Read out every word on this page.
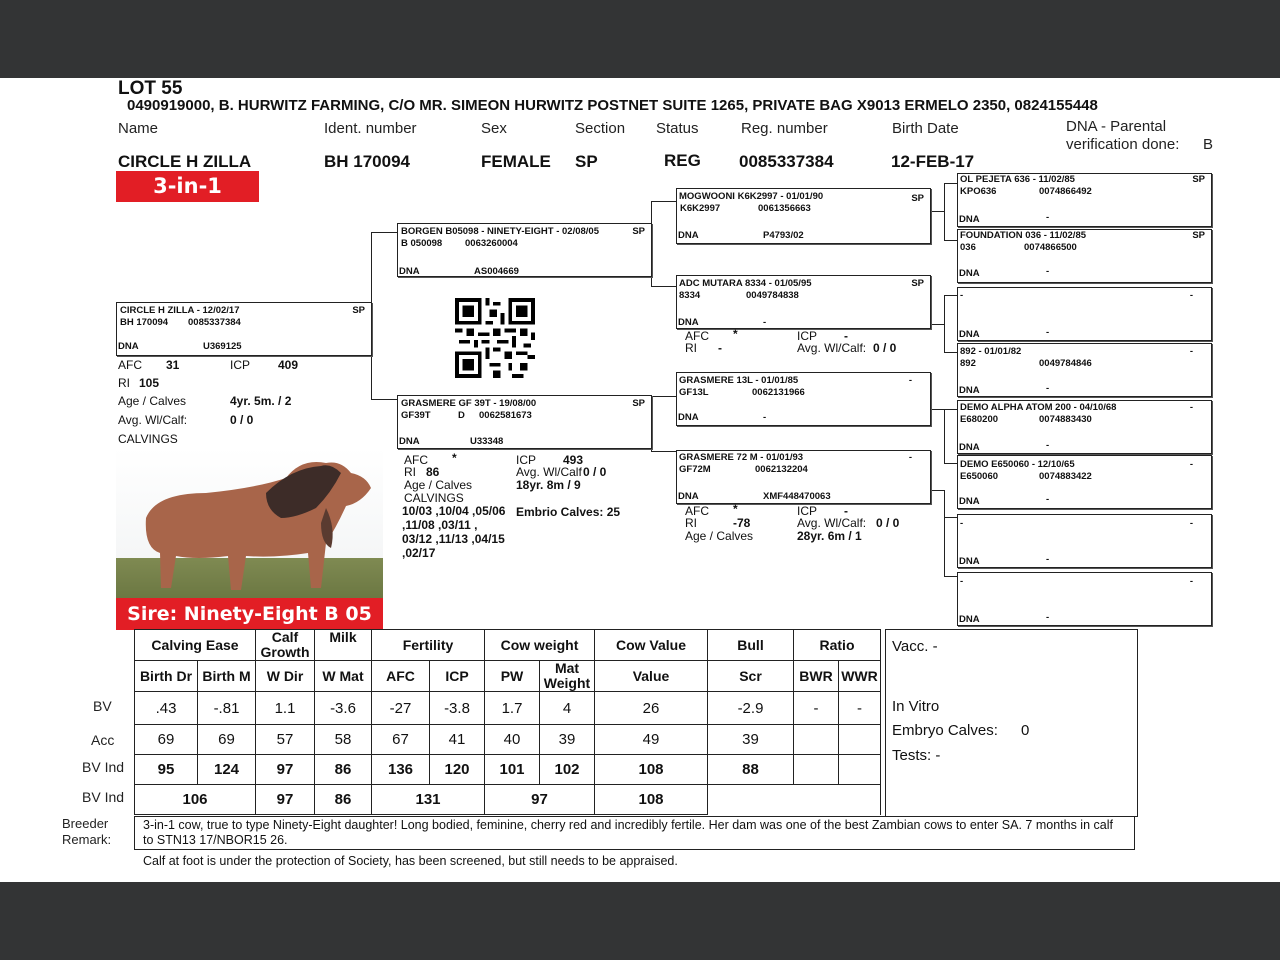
LOT 55
0490919000, B. HURWITZ FARMING, C/O MR. SIMEON HURWITZ POSTNET SUITE 1265, PRIVATE BAG X9013 ERMELO 2350, 0824155448
Name	Ident. number	Sex	Section Status	Reg. number	Birth Date	DNA - Parental
verification done: B
CIRCLE H ZILLA	BH 170094	FEMALE SP	REG 0085337384	12-FEB-17
3-in-1
CIRCLE H ZILLA - 12/02/17	SP
BH 170094 0085337384
DNA	U369125
AFC 31	ICP 409
RI 105
Age / Calves	4yr. 5m. / 2
Avg. Wl/Calf:	0 / 0
CALVINGS
Sire: Ninety-Eight B 05 98
BORGEN B05098 - NINETY-EIGHT - 02/08/05	SP
B 050098 0063260004
DNA	AS004669
GRASMERE GF 39T - 19/08/00	SP
GF39T	D 0062581673
DNA	U33348
AFC *	ICP 493
RI 86	Avg. Wl/Calf 0 / 0
Age / Calves	18yr. 8m / 9
CALVINGS
10/03 ,10/04 ,05/06
,11/08 ,03/11 ,
03/12 ,11/13 ,04/15
,02/17
Embrio Calves: 25
MOGWOONI K6K2997 - 01/01/90	SP
K6K2997	0061356663
DNA	P4793/02
ADC MUTARA 8334 - 01/05/95	SP
8334	0049784838
DNA	-
AFC *	ICP -
RI -	Avg. Wl/Calf: 0 / 0
GRASMERE 13L - 01/01/85	-
GF13L	0062131966
DNA	-
GRASMERE 72 M - 01/01/93	-
GF72M	0062132204
DNA	XMF448470063
AFC *	ICP -
RI	-78	Avg. Wl/Calf: 0 / 0
Age / Calves	28yr. 6m / 1
OL PEJETA 636 - 11/02/85	SP
KPO636	0074866492
DNA	-
FOUNDATION 036 - 11/02/85	SP
036	0074866500
DNA	-
-	-
DNA	-
892 - 01/01/82	-
892	0049784846
DNA	-
DEMO ALPHA ATOM 200 - 04/10/68	-
E680200	0074883430
DNA	-
DEMO E650060 - 12/10/65	-
E650060	0074883422
DNA	-
-	-
DNA	-
-	-
DNA	-
BV
Acc
BV Ind
BV Ind
Calving Ease		Calf Growth	Milk	Fertility		Cow weight		Cow Value	Bull	Ratio	
Birth Dr	Birth M	W Dir	W Mat	AFC	ICP	PW	Mat Weight	Value	Scr	BWR	WWR
.43	-.81	1.1	-3.6	-27	-3.8	1.7	4	26	-2.9	-	-
69	69	57	58	67	41	40	39	49	39		
95	124	97	86	136	120	101	102	108	88		
106		97	86	131		97		108			
Vacc. -
In Vitro
Embryo Calves: 0
Tests: -
Breeder
Remark:
3-in-1 cow, true to type Ninety-Eight daughter! Long bodied, feminine, cherry red and incredibly fertile. Her dam was one of the best Zambian cows to enter SA. 7 months in calf to STN13 17/NBOR15 26.
Calf at foot is under the protection of Society, has been screened, but still needs to be appraised.
